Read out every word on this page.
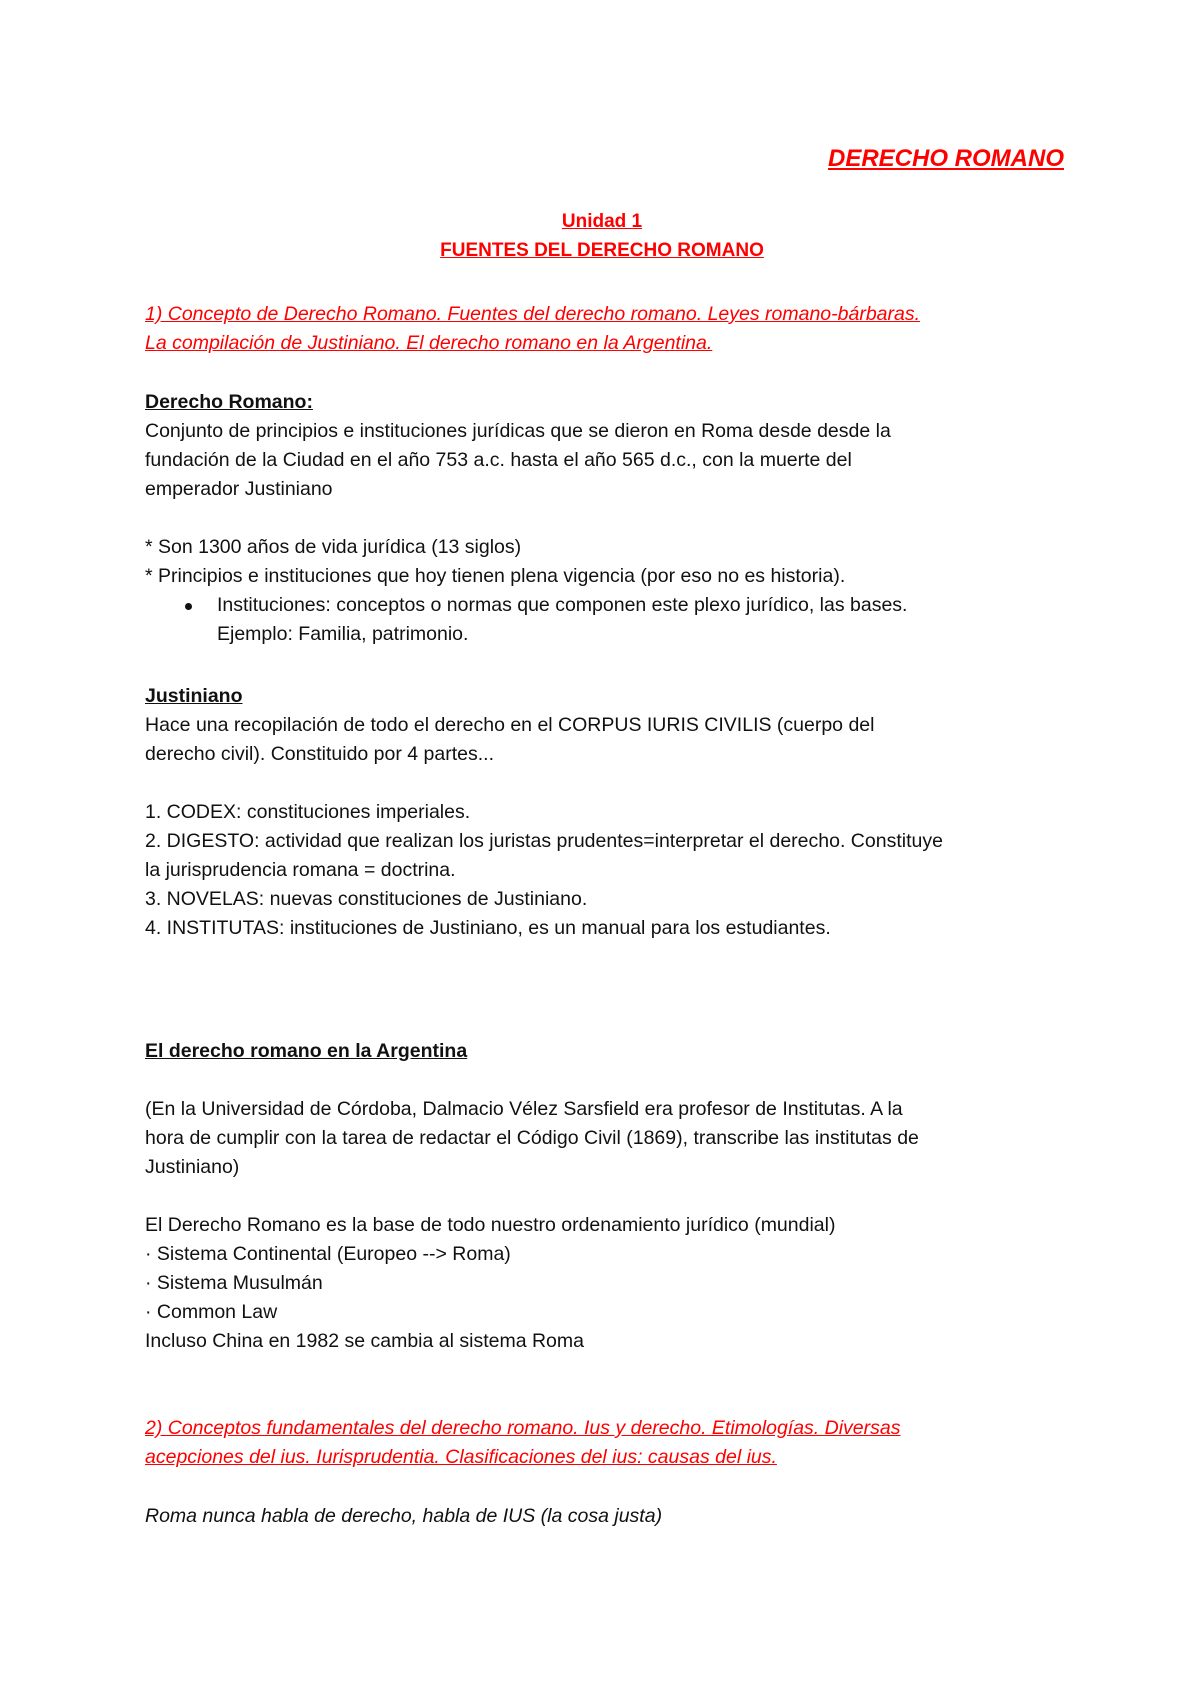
DERECHO ROMANO
Unidad 1
FUENTES DEL DERECHO ROMANO
1) Concepto de Derecho Romano. Fuentes del derecho romano. Leyes romano-bárbaras.
La compilación de Justiniano. El derecho romano en la Argentina.
Derecho Romano:
Conjunto de principios e instituciones jurídicas que se dieron en Roma desde desde la
fundación de la Ciudad en el año 753 a.c. hasta el año 565 d.c., con la muerte del
emperador Justiniano
* Son 1300 años de vida jurídica (13 siglos)
* Principios e instituciones que hoy tienen plena vigencia (por eso no es historia).
Instituciones: conceptos o normas que componen este plexo jurídico, las bases.
Ejemplo: Familia, patrimonio.
Justiniano
Hace una recopilación de todo el derecho en el CORPUS IURIS CIVILIS (cuerpo del
derecho civil). Constituido por 4 partes...
1. CODEX: constituciones imperiales.
2. DIGESTO: actividad que realizan los juristas prudentes=interpretar el derecho. Constituye
la jurisprudencia romana = doctrina.
3. NOVELAS: nuevas constituciones de Justiniano.
4. INSTITUTAS: instituciones de Justiniano, es un manual para los estudiantes.
El derecho romano en la Argentina
(En la Universidad de Córdoba, Dalmacio Vélez Sarsfield era profesor de Institutas. A la
hora de cumplir con la tarea de redactar el Código Civil (1869), transcribe las institutas de
Justiniano)
El Derecho Romano es la base de todo nuestro ordenamiento jurídico (mundial)
· Sistema Continental (Europeo --> Roma)
· Sistema Musulmán
· Common Law
Incluso China en 1982 se cambia al sistema Roma
2) Conceptos fundamentales del derecho romano. Ius y derecho. Etimologías. Diversas
acepciones del ius. Iurisprudentia. Clasificaciones del ius: causas del ius.
Roma nunca habla de derecho, habla de IUS (la cosa justa)
